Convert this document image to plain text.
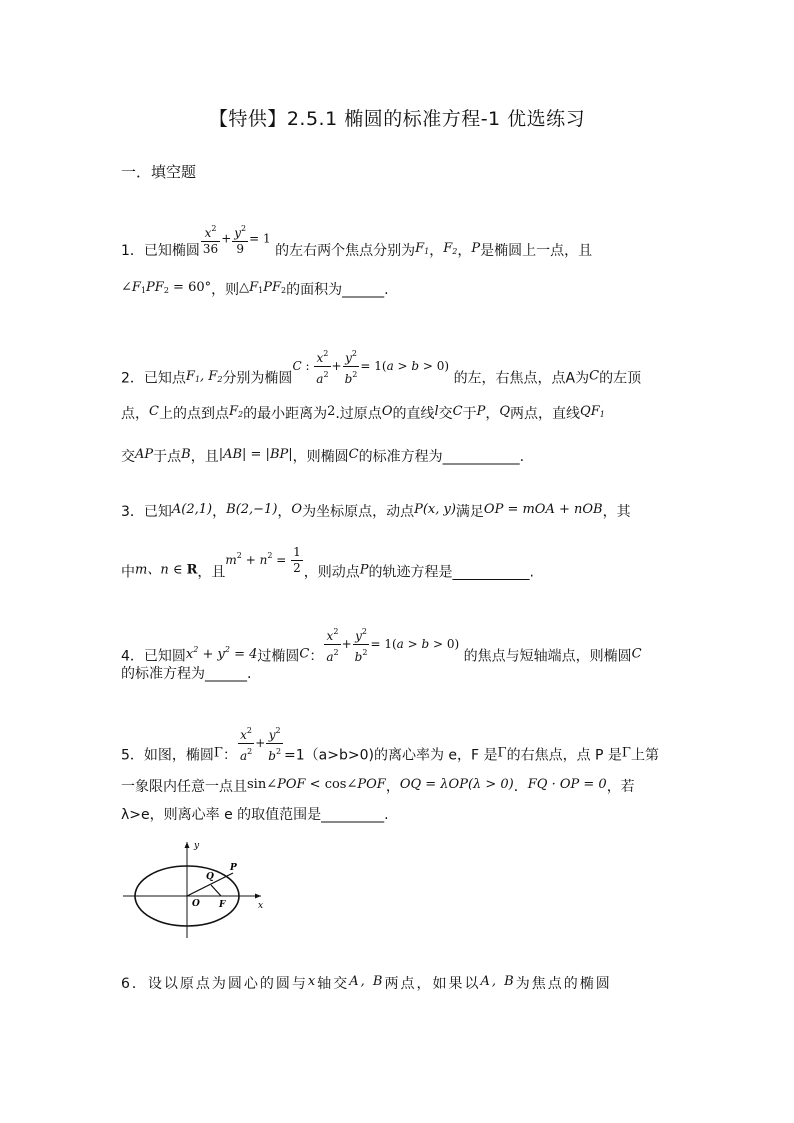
【特供】2.5.1 椭圆的标准方程-1 优选练习
一．填空题
1．已知椭圆 $\frac{x^2}{36} + \frac{y^2}{9} = 1$ 的左右两个焦点分别为$F_1$，$F_2$，P是椭圆上一点，且
$\angle F_1PF_2 = 60^\circ$，则$\triangle F_1PF_2$的面积为______.
2．已知点$F_1$, $F_2$分别为椭圆C : $\frac{x^2}{a^2} + \frac{y^2}{b^2} = 1(a > b > 0)$ 的左，右焦点，点A为C的左顶
点，C上的点到点$F_2$的最小距离为2.过原点O的直线l交C于P，Q两点，直线$QF_1$
交AP于点B，且|AB| = |BP|，则椭圆C的标准方程为___________.
3．已知A(2,1)，B(2,−1)，O为坐标原点，动点P(x, y)满足OP = mOA + nOB，其
中m、n ∈ R，且$m^2 + n^2 = \frac{1}{2}$ ，则动点P的轨迹方程是___________.
4．已知圆$x^2 + y^2 = 4$过椭圆C： $\frac{x^2}{a^2} + \frac{y^2}{b^2} = 1(a > b > 0)$ 的焦点与短轴端点，则椭圆C
的标准方程为______.
5．如图，椭圆Γ： $\frac{x^2}{a^2} + \frac{y^2}{b^2} =1(a>b>0)$的离心率为 e，F 是Γ的右焦点，点 P 是Γ上第
一象限内任意一点且sin∠POF < cos∠POF，OQ = λOP(λ > 0)．FQ · OP = 0，若
λ>e，则离心率 e 的取值范围是_________.
y
x
O F
P
Q
6．设以原点为圆心的圆与x轴交A, B两点，如果以A, B为焦点的椭圆
